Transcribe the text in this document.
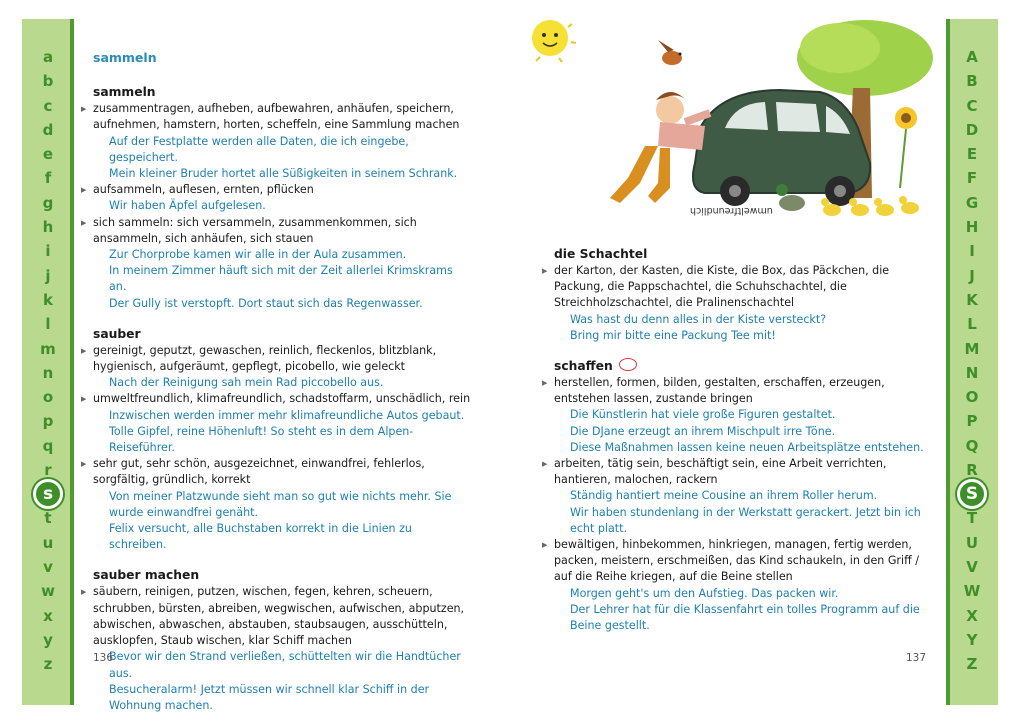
a
b
c
d
e
f
g
h
i
j
k
l
m
n
o
p
q
r
s
t
u
v
w
x
y
z
A
B
C
D
E
F
G
H
I
J
K
L
M
N
O
P
Q
R
S
T
U
V
W
X
Y
Z
sammeln
sammeln
▶ zusammentragen, aufheben, aufbewahren, anhäufen, speichern, aufnehmen, hamstern, horten, scheffeln, eine Sammlung machen
Auf der Festplatte werden alle Daten, die ich eingebe, gespeichert.
Mein kleiner Bruder hortet alle Süßigkeiten in seinem Schrank.
▶ aufsammeln, auflesen, ernten, pflücken
Wir haben Äpfel aufgelesen.
▶ sich sammeln: sich versammeln, zusammenkommen, sich ansammeln, sich anhäufen, sich stauen
Zur Chorprobe kamen wir alle in der Aula zusammen.
In meinem Zimmer häuft sich mit der Zeit allerlei Krimskrams an.
Der Gully ist verstopft. Dort staut sich das Regenwasser.
sauber
▶ gereinigt, geputzt, gewaschen, reinlich, fleckenlos, blitzblank, hygienisch, aufgeräumt, gepflegt, picobello, wie geleckt
Nach der Reinigung sah mein Rad piccobello aus.
▶ umweltfreundlich, klimafreundlich, schadstoffarm, unschädlich, rein
Inzwischen werden immer mehr klimafreundliche Autos gebaut.
Tolle Gipfel, reine Höhenluft! So steht es in dem Alpen-Reiseführer.
▶ sehr gut, sehr schön, ausgezeichnet, einwandfrei, fehlerlos, sorgfältig, gründlich, korrekt
Von meiner Platzwunde sieht man so gut wie nichts mehr. Sie wurde einwandfrei genäht.
Felix versucht, alle Buchstaben korrekt in die Linien zu schreiben.
sauber machen
▶ säubern, reinigen, putzen, wischen, fegen, kehren, scheuern, schrubben, bürsten, abreiben, wegwischen, aufwischen, abputzen, abwischen, abwaschen, abstauben, staubsaugen, ausschütteln, ausklopfen, Staub wischen, klar Schiff machen
Bevor wir den Strand verließen, schüttelten wir die Handtücher aus.
Besucheralarm! Jetzt müssen wir schnell klar Schiff in der Wohnung machen.
umweltfreundlich
die Schachtel
▶ der Karton, der Kasten, die Kiste, die Box, das Päckchen, die Packung, die Pappschachtel, die Schuhschachtel, die Streichholzschachtel, die Pralinenschachtel
Was hast du denn alles in der Kiste versteckt?
Bring mir bitte eine Packung Tee mit!
schaffen
▶ herstellen, formen, bilden, gestalten, erschaffen, erzeugen, entstehen lassen, zustande bringen
Die Künstlerin hat viele große Figuren gestaltet.
Die DJane erzeugt an ihrem Mischpult irre Töne.
Diese Maßnahmen lassen keine neuen Arbeitsplätze entstehen.
▶ arbeiten, tätig sein, beschäftigt sein, eine Arbeit verrichten, hantieren, malochen, rackern
Ständig hantiert meine Cousine an ihrem Roller herum.
Wir haben stundenlang in der Werkstatt gerackert. Jetzt bin ich echt platt.
▶ bewältigen, hinbekommen, hinkriegen, managen, fertig werden, packen, meistern, erschmeißen, das Kind schaukeln, in den Griff / auf die Reihe kriegen, auf die Beine stellen
Morgen geht's um den Aufstieg. Das packen wir.
Der Lehrer hat für die Klassenfahrt ein tolles Programm auf die Beine gestellt.
136	137
